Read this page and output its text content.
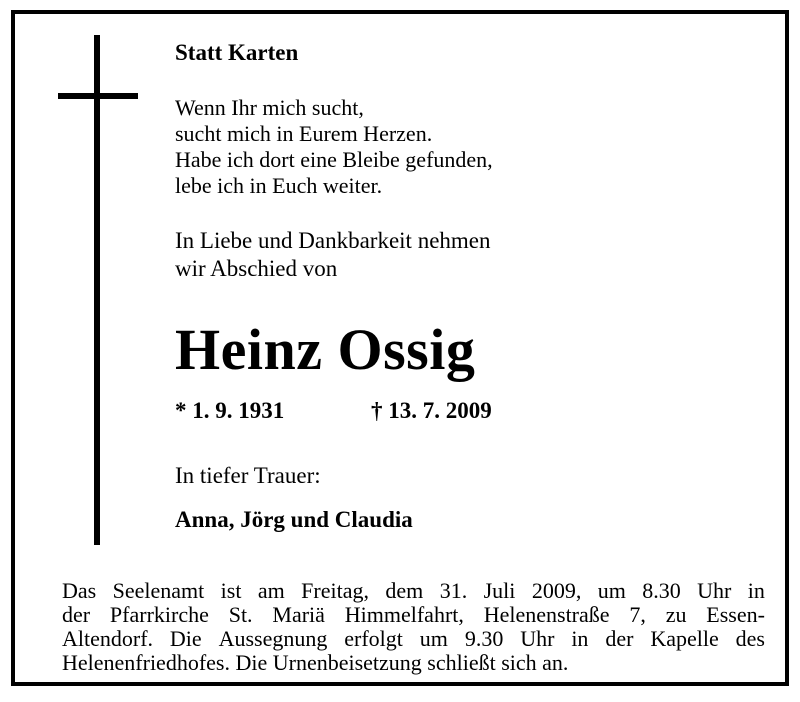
Statt Karten
Wenn Ihr mich sucht,
sucht mich in Eurem Herzen.
Habe ich dort eine Bleibe gefunden,
lebe ich in Euch weiter.
In Liebe und Dankbarkeit nehmen
wir Abschied von
Heinz Ossig
* 1. 9. 1931	† 13. 7. 2009
In tiefer Trauer:
Anna, Jörg und Claudia
Das Seelenamt ist am Freitag, dem 31. Juli 2009, um 8.30 Uhr in
der Pfarrkirche St. Mariä Himmelfahrt, Helenenstraße 7, zu Essen-
Altendorf. Die Aussegnung erfolgt um 9.30 Uhr in der Kapelle des
Helenenfriedhofes. Die Urnenbeisetzung schließt sich an.
